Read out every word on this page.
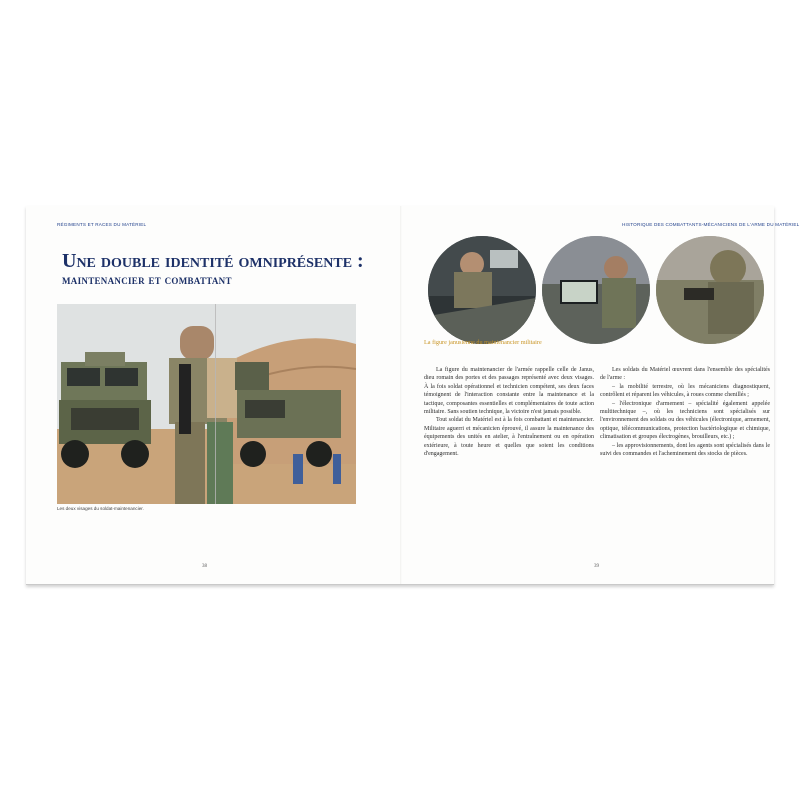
RÉGIMENTS ET RACES DU MATÉRIEL
Une double identité omniprésente :
maintenancier et combattant
Les deux visages du soldat-maintenancier.
38
HISTORIQUE DES COMBATTANTS-MÉCANICIENS DE L'ARME DU MATÉRIEL
La figure janusienne du maintenancier militaire

La figure du maintenancier de l'armée rappelle celle de Janus, dieu romain des portes et des passages représenté avec deux visages. À la fois soldat opérationnel et technicien compétent, ses deux faces témoignent de l'interaction constante entre la maintenance et la tactique, composantes essentielles et complémentaires de toute action militaire. Sans soutien technique, la victoire n'est jamais possible.

Tout soldat du Matériel est à la fois combattant et maintenancier. Militaire aguerri et mécanicien éprouvé, il assure la maintenance des équipements des unités en atelier, à l'entraînement ou en opération extérieure, à toute heure et quelles que soient les conditions d'engagement.

Les soldats du Matériel œuvrent dans l'ensemble des spécialités de l'arme :

– la mobilité terrestre, où les mécaniciens diagnostiquent, contrôlent et réparent les véhicules, à roues comme chenillés ;

– l'électronique d'armement – spécialité également appelée multitechnique –, où les techniciens sont spécialisés sur l'environnement des soldats ou des véhicules (électronique, armement, optique, télécommunications, protection bactériologique et chimique, climatisation et groupes électrogènes, brouilleurs, etc.) ;

– les approvisionnements, dont les agents sont spécialisés dans le suivi des commandes et l'acheminement des stocks de pièces.

39
